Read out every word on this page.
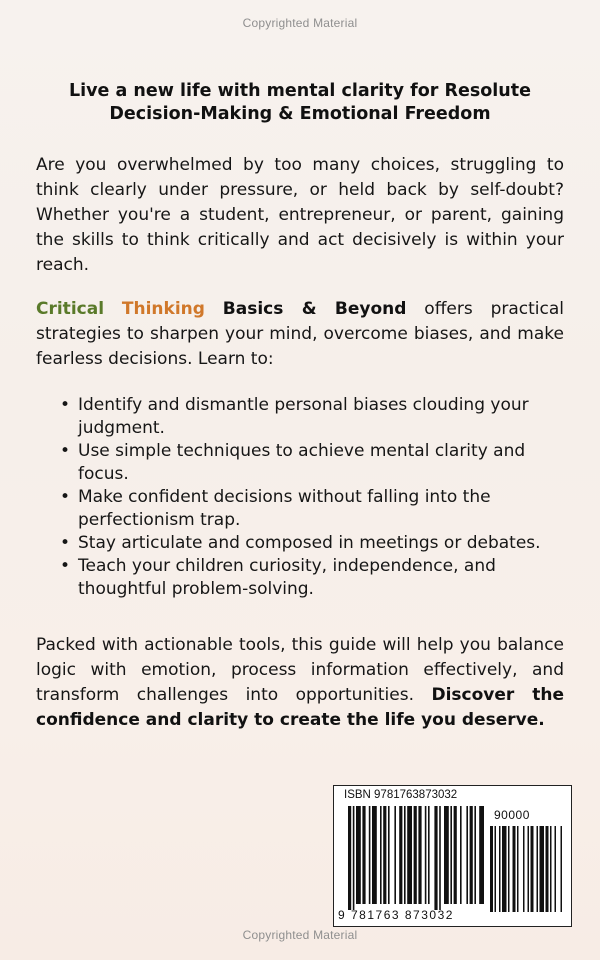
Copyrighted Material
Live a new life with mental clarity for Resolute
Decision-Making & Emotional Freedom
Are you overwhelmed by too many choices, struggling to think clearly under pressure, or held back by self-doubt? Whether you're a student, entrepreneur, or parent, gaining the skills to think critically and act decisively is within your reach.
Critical Thinking Basics & Beyond offers practical strategies to sharpen your mind, overcome biases, and make fearless decisions. Learn to:
• Identify and dismantle personal biases clouding your judgment.
• Use simple techniques to achieve mental clarity and focus.
• Make confident decisions without falling into the perfectionism trap.
• Stay articulate and composed in meetings or debates.
• Teach your children curiosity, independence, and thoughtful problem-solving.
Packed with actionable tools, this guide will help you balance logic with emotion, process information effectively, and transform challenges into opportunities. Discover the confidence and clarity to create the life you deserve.
ISBN 9781763873032
90000
9 781763 873032
Copyrighted Material
